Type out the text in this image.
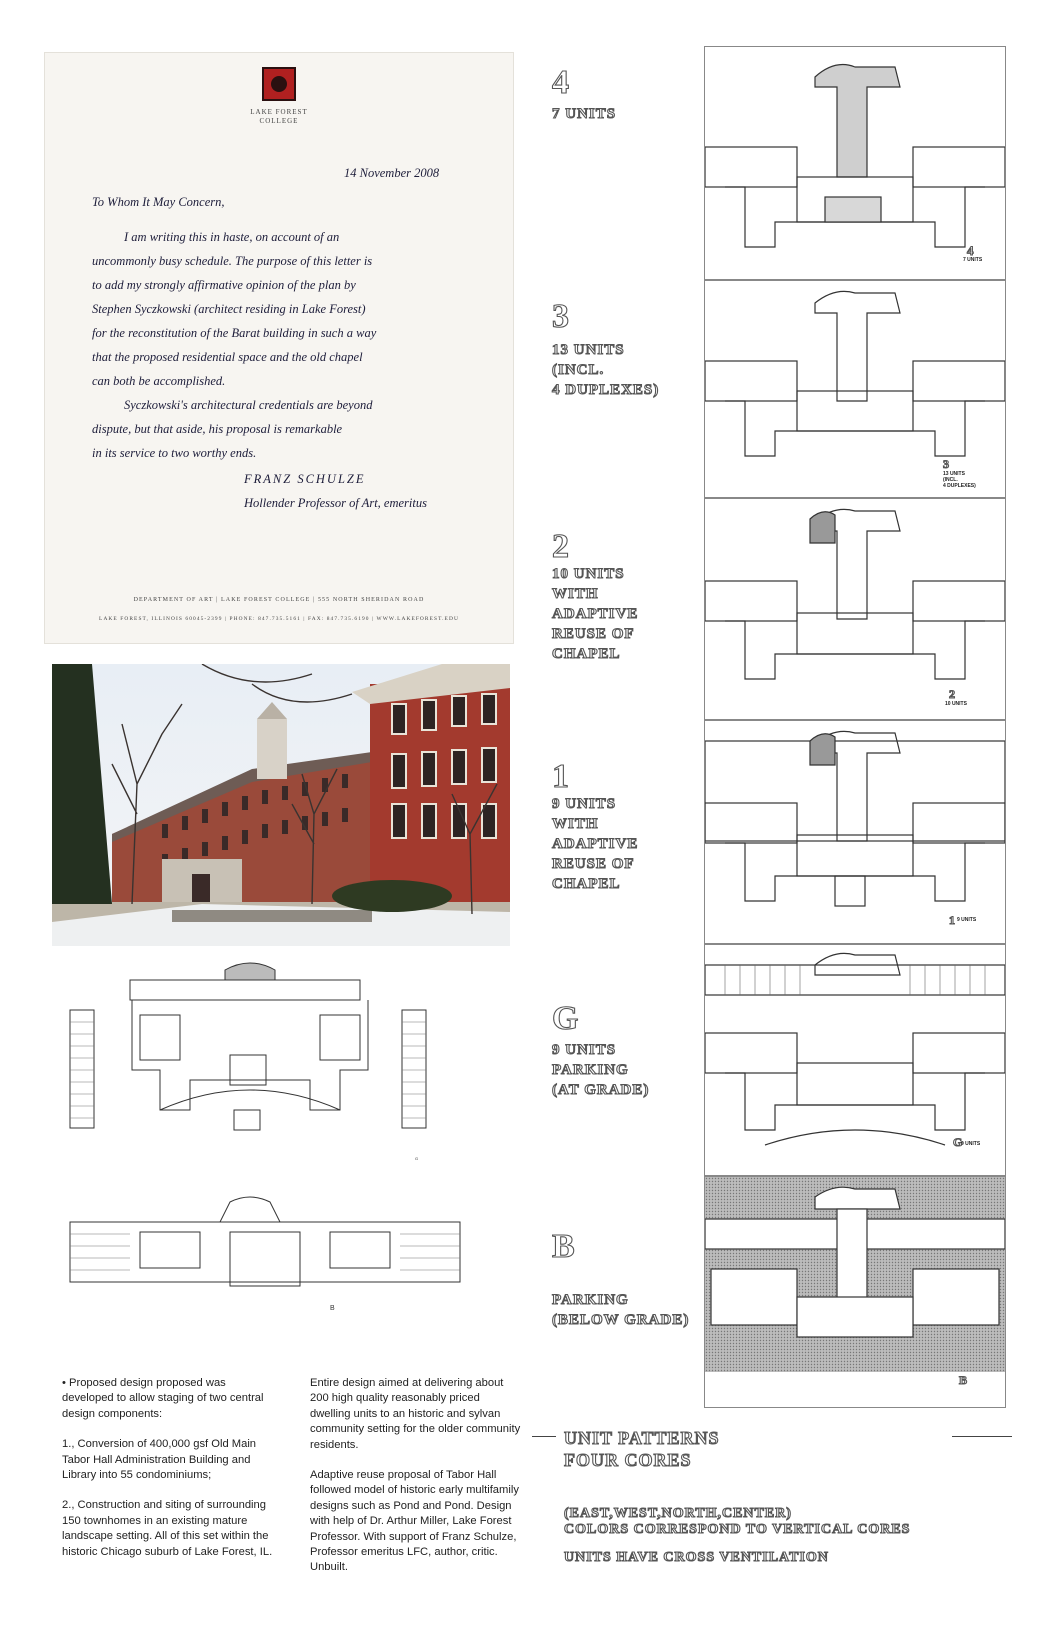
LAKE FOREST
COLLEGE
14 November 2008
To Whom It May Concern,
I am writing this in haste, on account of an
uncommonly busy schedule. The purpose of this letter is
to add my strongly affirmative opinion of the plan by
Stephen Syczkowski (architect residing in Lake Forest)
for the reconstitution of the Barat building in such a way
that the proposed residential space and the old chapel
can both be accomplished.
Syczkowski's architectural credentials are beyond
dispute, but that aside, his proposal is remarkable
in its service to two worthy ends.
FRANZ SCHULZE
Hollender Professor of Art, emeritus
DEPARTMENT OF ART | LAKE FOREST COLLEGE | 555 NORTH SHERIDAN ROAD
LAKE FOREST, ILLINOIS 60045-2399 | PHONE: 847.735.5161 | FAX: 847.735.6190 | WWW.LAKEFOREST.EDU
G
B

• Proposed design proposed was developed to allow staging of two central design components:

1., Conversion of 400,000 gsf Old Main Tabor Hall Administration Building and Library into 55 condominiums;

2., Construction and siting of surrounding 150 townhomes in an existing mature landscape setting. All of this set within the historic Chicago suburb of Lake Forest, IL.

Entire design aimed at delivering about 200 high quality reasonably priced dwelling units to an historic and sylvan community setting for the older community residents.

Adaptive reuse proposal of Tabor Hall followed model of historic early multifamily designs such as Pond and Pond. Design with help of Dr. Arthur Miller, Lake Forest Professor. With support of Franz Schulze, Professor emeritus LFC, author, critic. Unbuilt.

4
7 UNITS
3
13 UNITS
(INCL.
4 DUPLEXES)
2
10 UNITS
WITH
ADAPTIVE
REUSE OF
CHAPEL
1
9 UNITS
WITH
ADAPTIVE
REUSE OF
CHAPEL
G
9 UNITS
PARKING
(AT GRADE)
B
PARKING
(BELOW GRADE)
4
7 UNITS
3
13 UNITS
(INCL.
4 DUPLEXES)
2
10 UNITS
1 9 UNITS
G
9 UNITS
B
UNIT PATTERNS
FOUR CORES
(EAST,WEST,NORTH,CENTER)
COLORS CORRESPOND TO VERTICAL CORES
UNITS HAVE CROSS VENTILATION
